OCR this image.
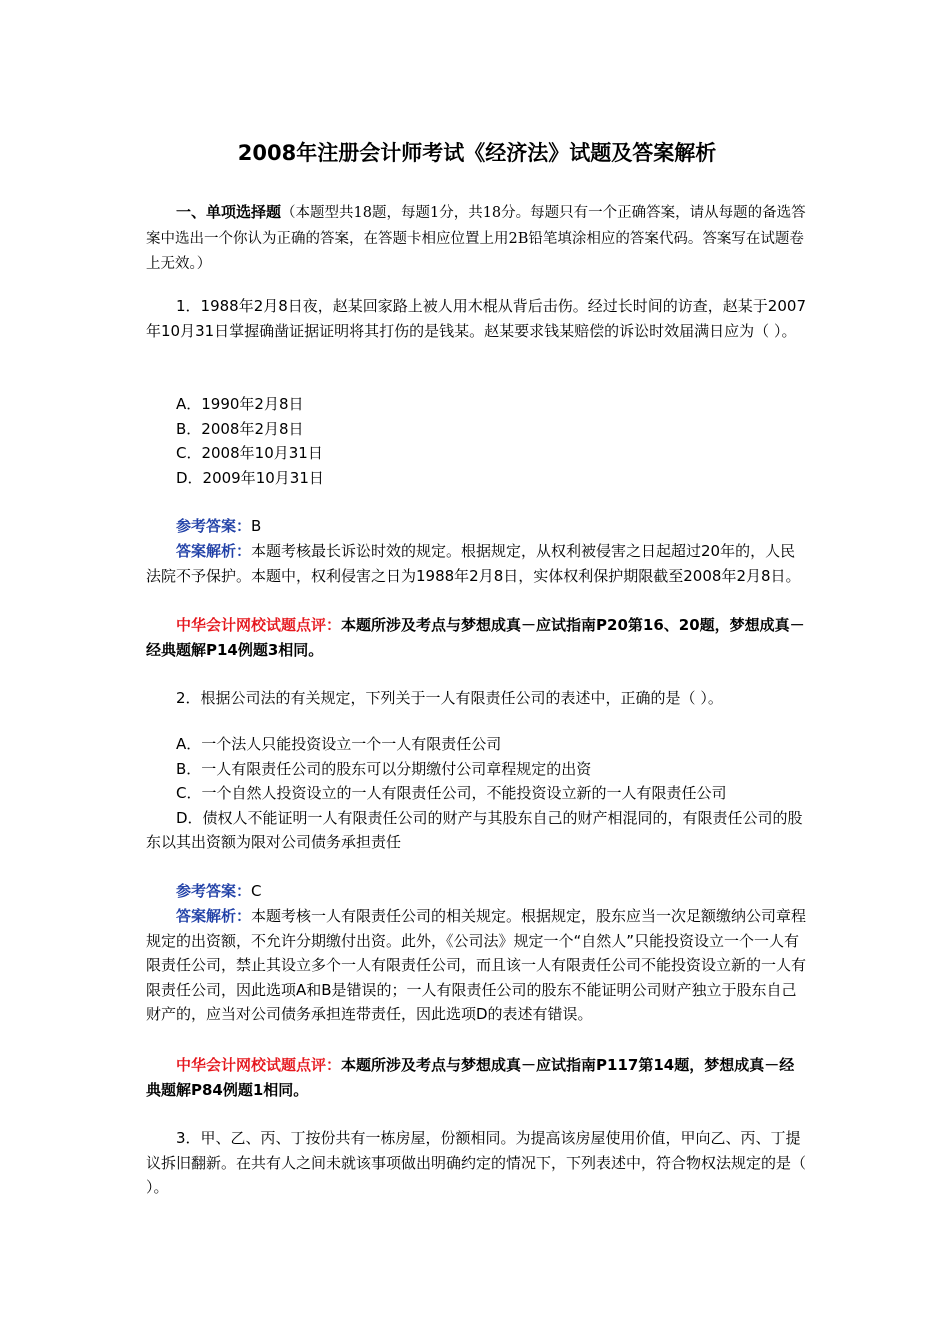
2008年注册会计师考试《经济法》试题及答案解析
一、单项选择题（本题型共18题，每题1分，共18分。每题只有一个正确答案，请从每题的备选答案中选出一个你认为正确的答案，在答题卡相应位置上用2B铅笔填涂相应的答案代码。答案写在试题卷上无效。）
1．1988年2月8日夜，赵某回家路上被人用木棍从背后击伤。经过长时间的访查，赵某于2007年10月31日掌握确凿证据证明将其打伤的是钱某。赵某要求钱某赔偿的诉讼时效届满日应为（ ）。

A．1990年2月8日

B．2008年2月8日

C．2008年10月31日

D．2009年10月31日

参考答案：B
答案解析：本题考核最长诉讼时效的规定。根据规定，从权利被侵害之日起超过20年的，人民法院不予保护。本题中，权利侵害之日为1988年2月8日，实体权利保护期限截至2008年2月8日。
中华会计网校试题点评：本题所涉及考点与梦想成真－应试指南P20第16、20题，梦想成真－经典题解P14例题3相同。
2．根据公司法的有关规定，下列关于一人有限责任公司的表述中，正确的是（ ）。

A．一个法人只能投资设立一个一人有限责任公司

B．一人有限责任公司的股东可以分期缴付公司章程规定的出资

C．一个自然人投资设立的一人有限责任公司，不能投资设立新的一人有限责任公司

D．债权人不能证明一人有限责任公司的财产与其股东自己的财产相混同的，有限责任公司的股东以其出资额为限对公司债务承担责任

参考答案：C
答案解析：本题考核一人有限责任公司的相关规定。根据规定，股东应当一次足额缴纳公司章程规定的出资额，不允许分期缴付出资。此外，《公司法》规定一个“自然人”只能投资设立一个一人有限责任公司，禁止其设立多个一人有限责任公司，而且该一人有限责任公司不能投资设立新的一人有限责任公司，因此选项A和B是错误的；一人有限责任公司的股东不能证明公司财产独立于股东自己财产的，应当对公司债务承担连带责任，因此选项D的表述有错误。
中华会计网校试题点评：本题所涉及考点与梦想成真－应试指南P117第14题，梦想成真－经典题解P84例题1相同。
3．甲、乙、丙、丁按份共有一栋房屋，份额相同。为提高该房屋使用价值，甲向乙、丙、丁提议拆旧翻新。在共有人之间未就该事项做出明确约定的情况下，下列表述中，符合物权法规定的是（ ）。
